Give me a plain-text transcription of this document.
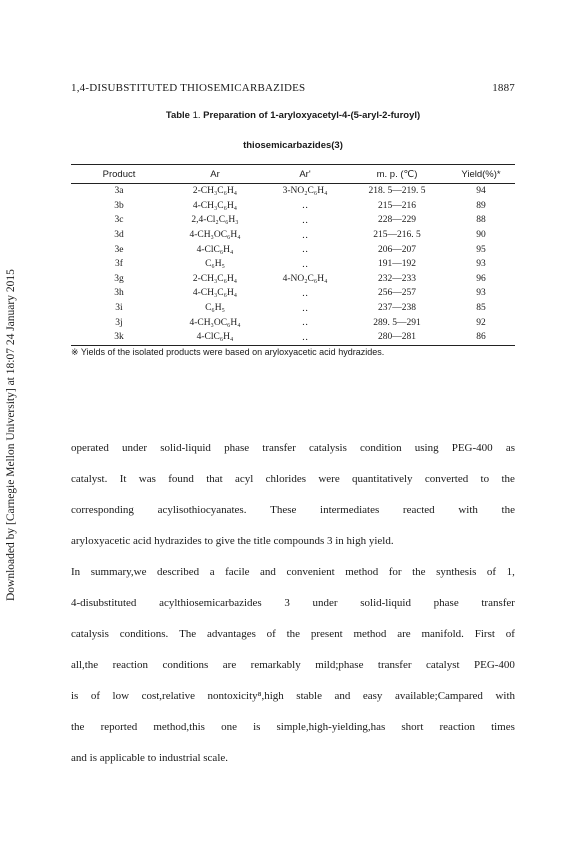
Downloaded by [Carnegie Mellon University] at 18:07 24 January 2015
1,4-DISUBSTITUTED THIOSEMICARBAZIDES	1887
Table 1. Preparation of 1-aryloxyacetyl-4-(5-aryl-2-furoyl)
thiosemicarbazides(3)
Product	Ar	Ar'	m. p. (℃)	Yield(%)*
3a	2-CH₃C₆H₄	3-NO₂C₆H₄	218. 5—219. 5	94
3b	4-CH₃C₆H₄	‥	215—216	89
3c	2,4-Cl₂C₆H₃	‥	228—229	88
3d	4-CH₃OC₆H₄	‥	215—216. 5	90
3e	4-ClC₆H₄	‥	206—207	95
3f	C₆H₅	‥	191—192	93
3g	2-CH₃C₆H₄	4-NO₂C₆H₄	232—233	96
3h	4-CH₃C₆H₄	‥	256—257	93
3i	C₆H₅	‥	237—238	85
3j	4-CH₃OC₆H₄	‥	289. 5—291	92
3k	4-ClC₆H₄	‥	280—281	86
※ Yields of the isolated products were based on aryloxyacetic acid hydrazides.
operated under solid-liquid phase transfer catalysis condition using PEG-400 as
catalyst. It was found that acyl chlorides were quantitatively converted to the
corresponding acylisothiocyanates. These intermediates reacted with the
aryloxyacetic acid hydrazides to give the title compounds 3 in high yield.
In summary,we described a facile and convenient method for the synthesis of 1,
4-disubstituted acylthiosemicarbazides 3 under solid-liquid phase transfer
catalysis conditions. The advantages of the present method are manifold. First of
all,the reaction conditions are remarkably mild;phase transfer catalyst PEG-400
is of low cost,relative nontoxicity⁸,high stable and easy available;Campared with
the reported method,this one is simple,high-yielding,has short reaction times
and is applicable to industrial scale.
